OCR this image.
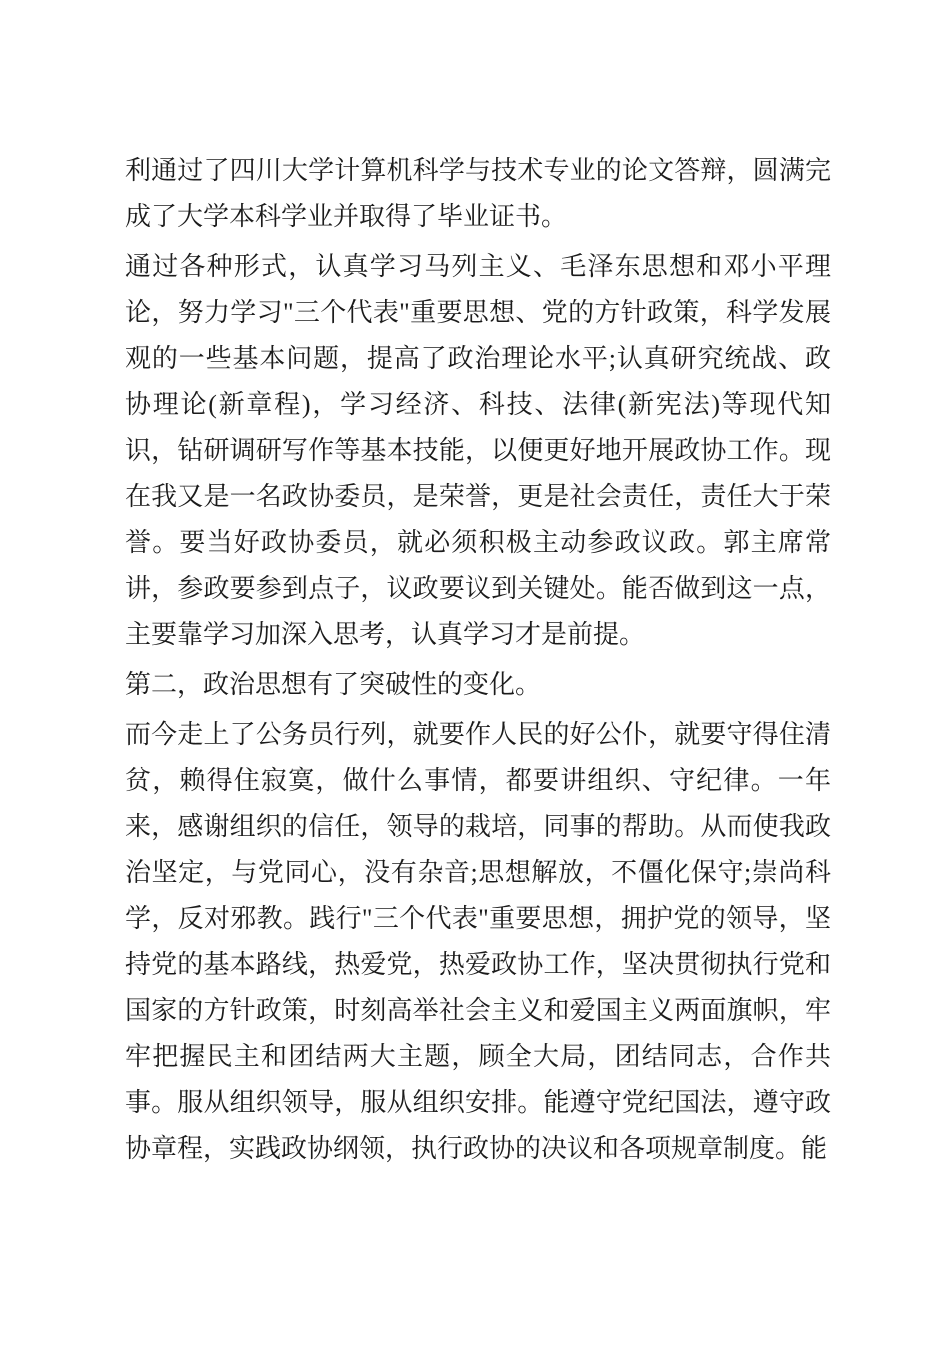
利通过了四川大学计算机科学与技术专业的论文答辩，圆满完
成了大学本科学业并取得了毕业证书。
通过各种形式，认真学习马列主义、毛泽东思想和邓小平理
论，努力学习"三个代表"重要思想、党的方针政策，科学发展
观的一些基本问题，提高了政治理论水平;认真研究统战、政
协理论(新章程)，学习经济、科技、法律(新宪法)等现代知
识，钻研调研写作等基本技能，以便更好地开展政协工作。现
在我又是一名政协委员，是荣誉，更是社会责任，责任大于荣
誉。要当好政协委员，就必须积极主动参政议政。郭主席常
讲，参政要参到点子，议政要议到关键处。能否做到这一点，
主要靠学习加深入思考，认真学习才是前提。
第二，政治思想有了突破性的变化。
而今走上了公务员行列，就要作人民的好公仆，就要守得住清
贫，赖得住寂寞，做什么事情，都要讲组织、守纪律。一年
来，感谢组织的信任，领导的栽培，同事的帮助。从而使我政
治坚定，与党同心，没有杂音;思想解放，不僵化保守;崇尚科
学，反对邪教。践行"三个代表"重要思想，拥护党的领导，坚
持党的基本路线，热爱党，热爱政协工作，坚决贯彻执行党和
国家的方针政策，时刻高举社会主义和爱国主义两面旗帜，牢
牢把握民主和团结两大主题，顾全大局，团结同志，合作共
事。服从组织领导，服从组织安排。能遵守党纪国法，遵守政
协章程，实践政协纲领，执行政协的决议和各项规章制度。能
